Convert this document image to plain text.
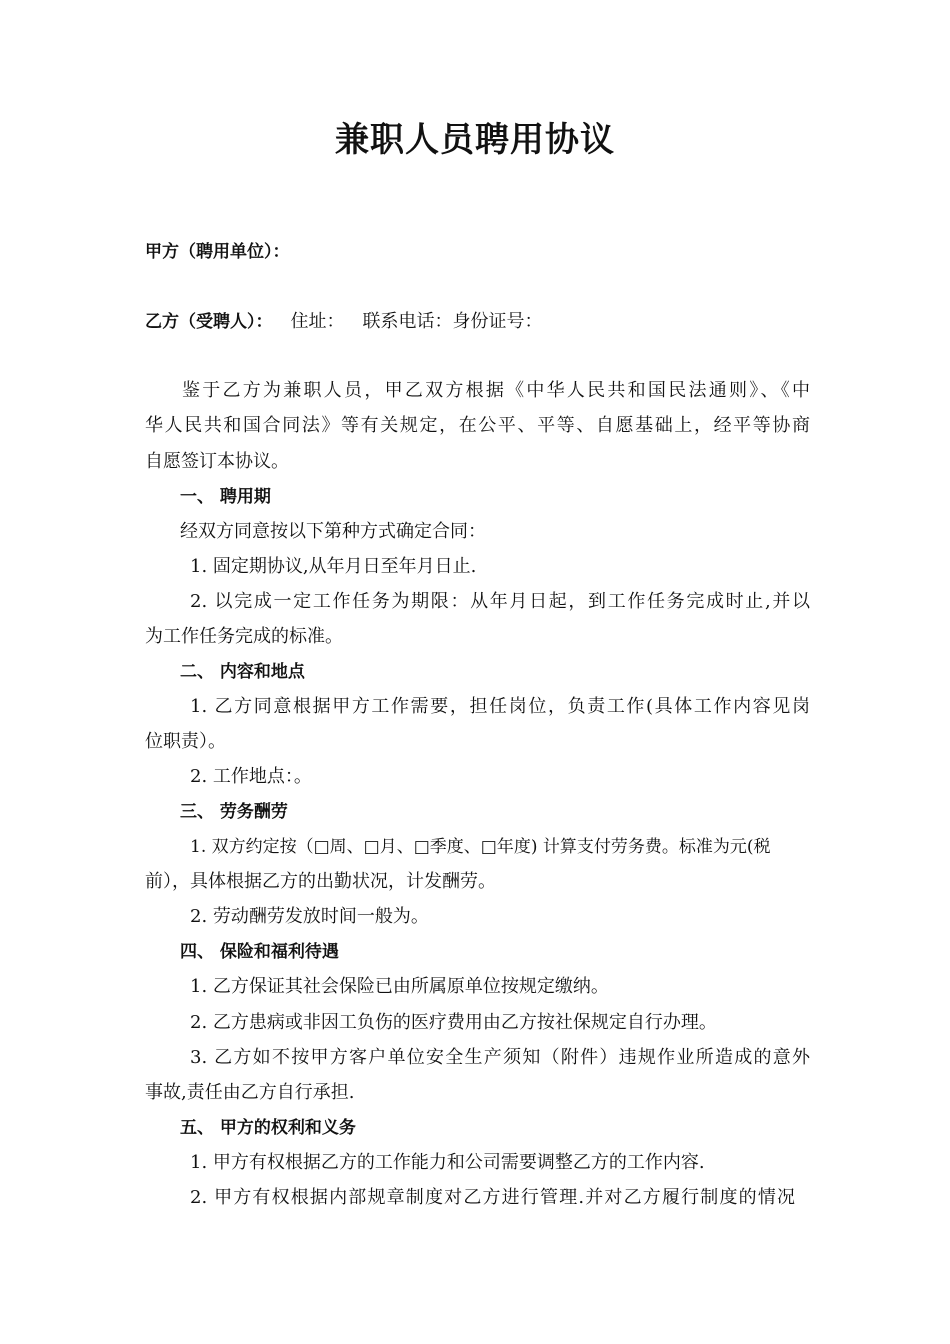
兼职人员聘用协议
甲方（聘用单位）：
乙方（受聘人）： 住址： 联系电话：身份证号：
鉴于乙方为兼职人员，甲乙双方根据《中华人民共和国民法通则》、《中
华人民共和国合同法》等有关规定，在公平、平等、自愿基础上，经平等协商
自愿签订本协议。
一、 聘用期
经双方同意按以下第种方式确定合同：
1. 固定期协议,从年月日至年月日止.
2. 以完成一定工作任务为期限：从年月日起，到工作任务完成时止,并以
为工作任务完成的标准。
二、 内容和地点
1. 乙方同意根据甲方工作需要，担任岗位，负责工作(具体工作内容见岗
位职责）。
2. 工作地点：。
三、 劳务酬劳
1. 双方约定按（□周、□月、□季度、□年度) 计算支付劳务费。标准为元(税
前），具体根据乙方的出勤状况，计发酬劳。
2. 劳动酬劳发放时间一般为。
四、 保险和福利待遇
1. 乙方保证其社会保险已由所属原单位按规定缴纳。
2. 乙方患病或非因工负伤的医疗费用由乙方按社保规定自行办理。
3. 乙方如不按甲方客户单位安全生产须知（附件）违规作业所造成的意外
事故,责任由乙方自行承担.
五、 甲方的权利和义务
1. 甲方有权根据乙方的工作能力和公司需要调整乙方的工作内容.
2. 甲方有权根据内部规章制度对乙方进行管理.并对乙方履行制度的情况
